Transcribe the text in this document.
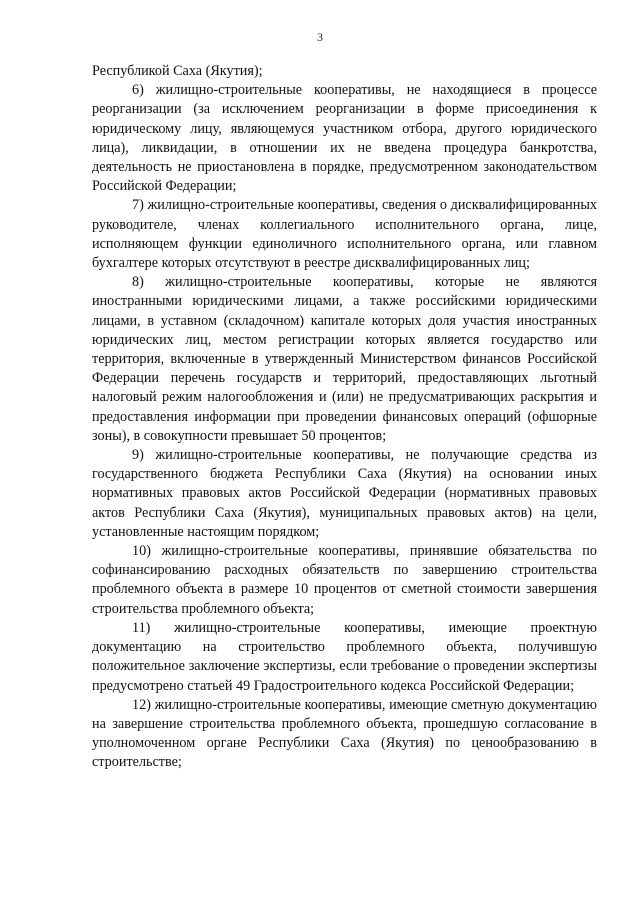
3

Республикой Саха (Якутия);

6) жилищно-строительные кооперативы, не находящиеся в процессе реорганизации (за исключением реорганизации в форме присоединения к юридическому лицу, являющемуся участником отбора, другого юридического лица), ликвидации, в отношении их не введена процедура банкротства, деятельность не приостановлена в порядке, предусмотренном законодательством Российской Федерации;

7) жилищно-строительные кооперативы, сведения о дисквалифицированных руководителе, членах коллегиального исполнительного органа, лице, исполняющем функции единоличного исполнительного органа, или главном бухгалтере которых отсутствуют в реестре дисквалифицированных лиц;

8) жилищно-строительные кооперативы, которые не являются иностранными юридическими лицами, а также российскими юридическими лицами, в уставном (складочном) капитале которых доля участия иностранных юридических лиц, местом регистрации которых является государство или территория, включенные в утвержденный Министерством финансов Российской Федерации перечень государств и территорий, предоставляющих льготный налоговый режим налогообложения и (или) не предусматривающих раскрытия и предоставления информации при проведении финансовых операций (офшорные зоны), в совокупности превышает 50 процентов;

9) жилищно-строительные кооперативы, не получающие средства из государственного бюджета Республики Саха (Якутия) на основании иных нормативных правовых актов Российской Федерации (нормативных правовых актов Республики Саха (Якутия), муниципальных правовых актов) на цели, установленные настоящим порядком;

10) жилищно-строительные кооперативы, принявшие обязательства по софинансированию расходных обязательств по завершению строительства проблемного объекта в размере 10 процентов от сметной стоимости завершения строительства проблемного объекта;

11) жилищно-строительные кооперативы, имеющие проектную документацию на строительство проблемного объекта, получившую положительное заключение экспертизы, если требование о проведении экспертизы предусмотрено статьей 49 Градостроительного кодекса Российской Федерации;

12) жилищно-строительные кооперативы, имеющие сметную документацию на завершение строительства проблемного объекта, прошедшую согласование в уполномоченном органе Республики Саха (Якутия) по ценообразованию в строительстве;
